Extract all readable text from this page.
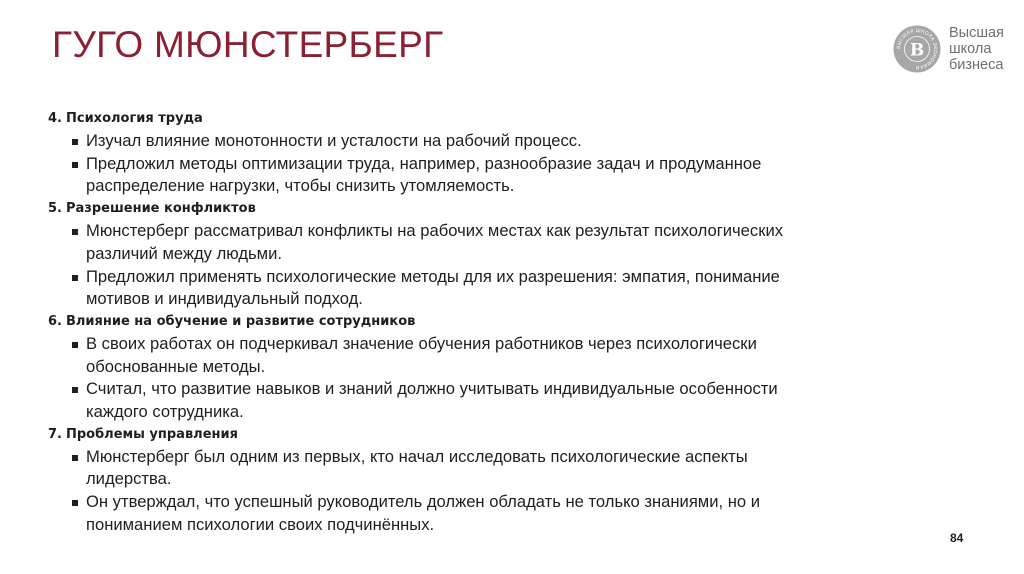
ГУГО МЮНСТЕРБЕРГ	ВЫСШАЯ ШКОЛА ЭКОНОМИКИ
В
Высшая
школа
бизнеса
4. Психология труда
Изучал влияние монотонности и усталости на рабочий процесс.
Предложил методы оптимизации труда, например, разнообразие задач и продуманное
распределение нагрузки, чтобы снизить утомляемость.
5. Разрешение конфликтов
Мюнстерберг рассматривал конфликты на рабочих местах как результат психологических
различий между людьми.
Предложил применять психологические методы для их разрешения: эмпатия, понимание
мотивов и индивидуальный подход.
6. Влияние на обучение и развитие сотрудников
В своих работах он подчеркивал значение обучения работников через психологически
обоснованные методы.
Считал, что развитие навыков и знаний должно учитывать индивидуальные особенности
каждого сотрудника.
7. Проблемы управления
Мюнстерберг был одним из первых, кто начал исследовать психологические аспекты
лидерства.
Он утверждал, что успешный руководитель должен обладать не только знаниями, но и
пониманием психологии своих подчинённых.
84
